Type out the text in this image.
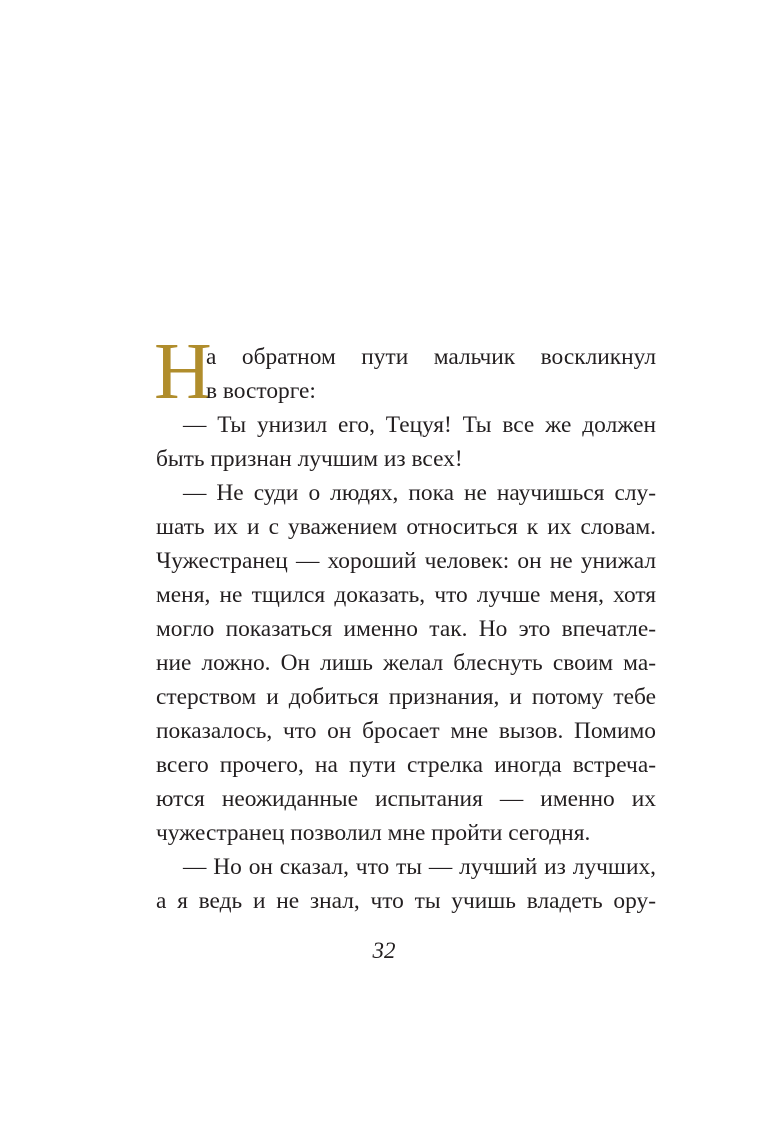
Н
а обратном пути мальчик воскликнул
в восторге:
— Ты унизил его, Тецуя! Ты все же должен
быть признан лучшим из всех!
— Не суди о людях, пока не научишься слу-
шать их и с уважением относиться к их словам.
Чужестранец — хороший человек: он не унижал
меня, не тщился доказать, что лучше меня, хотя
могло показаться именно так. Но это впечатле-
ние ложно. Он лишь желал блеснуть своим ма-
стерством и добиться признания, и потому тебе
показалось, что он бросает мне вызов. Помимо
всего прочего, на пути стрелка иногда встреча-
ются неожиданные испытания — именно их
чужестранец позволил мне пройти сегодня.
— Но он сказал, что ты — лучший из лучших,
а я ведь и не знал, что ты учишь владеть ору-
32
